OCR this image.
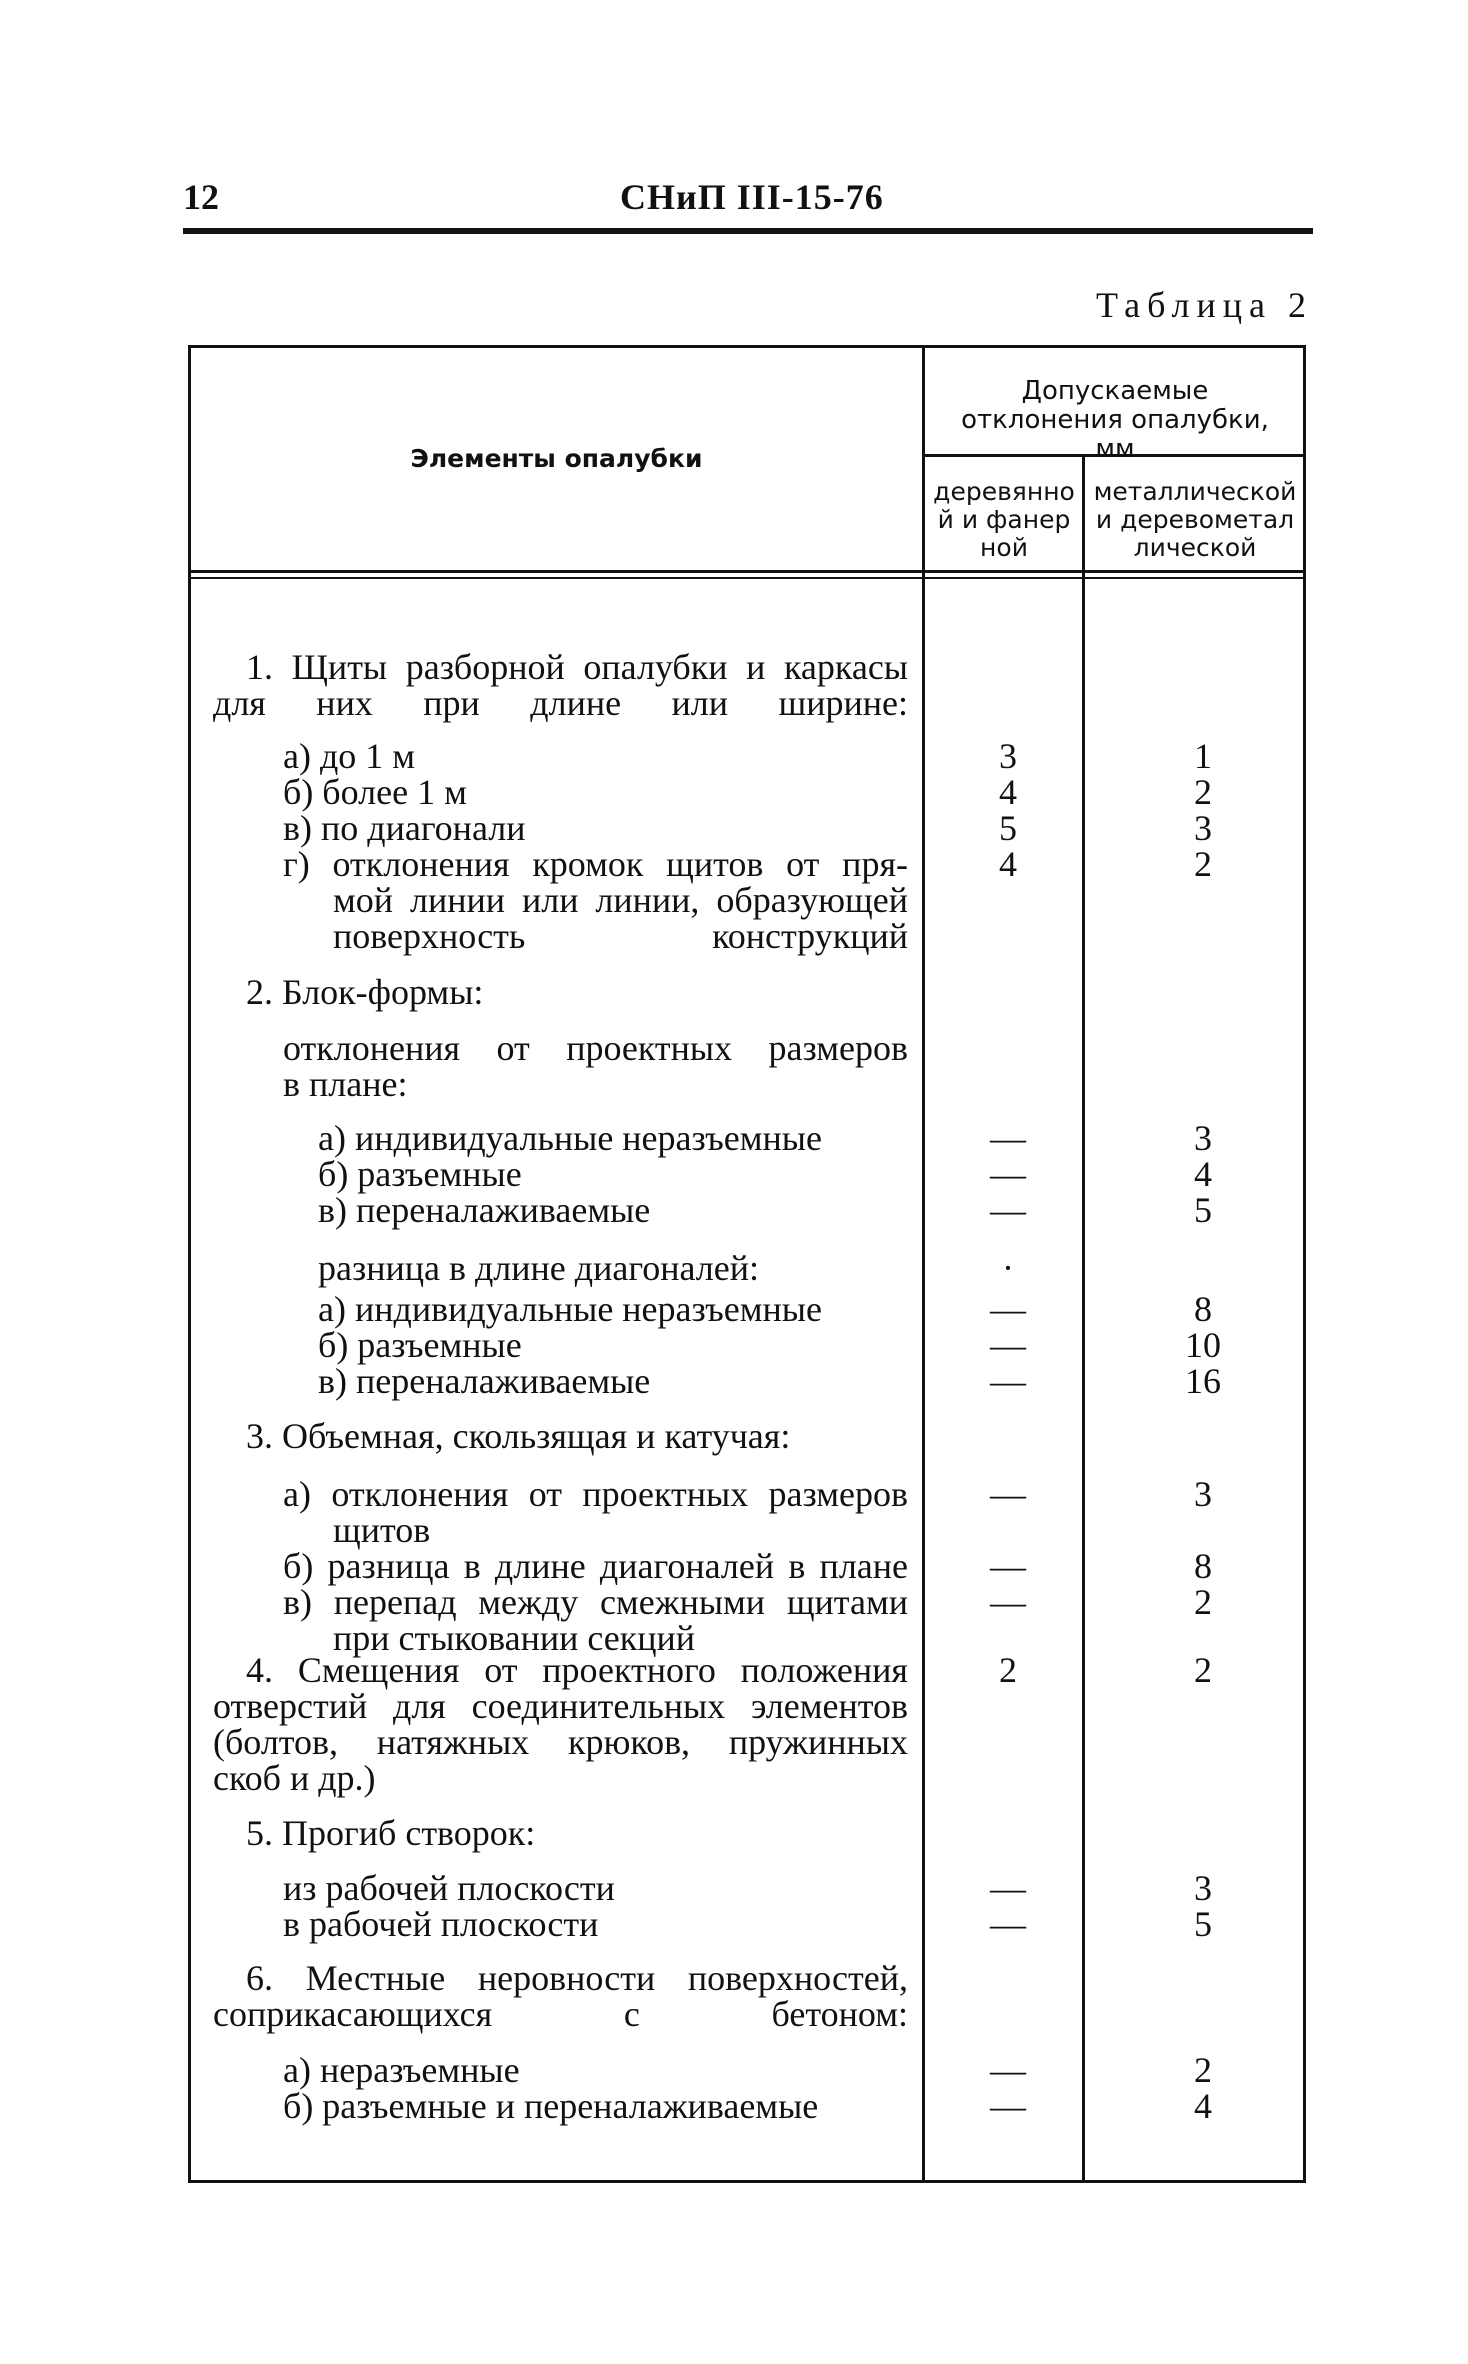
12	СНиП III-15-76
Таблица 2
Элементы опалубки
Допускаемые отклонения опалубки, мм
деревянной и фанерной
металлической и деревометаллической
1. Щиты разборной опалубки и каркасы
для них при длине или ширине:
а) до 1 м	3	1
б) более 1 м	4	2
в) по диагонали	5	3
г) отклонения кромок щитов от пря-	4	2
мой линии или линии, образующей
поверхность конструкций
2. Блок-формы:
отклонения от проектных размеров
в плане:
а) индивидуальные неразъемные	—	3
б) разъемные	—	4
в) переналаживаемые	—	5
разница в длине диагоналей:	·
а) индивидуальные неразъемные	—	8
б) разъемные	—	10
в) переналаживаемые	—	16
3. Объемная, скользящая и катучая:
а) отклонения от проектных размеров	—	3
щитов
б) разница в длине диагоналей в плане	—	8
в) перепад между смежными щитами	—	2
при стыковании секций
4. Смещения от проектного положения	2	2
отверстий для соединительных элементов
(болтов, натяжных крюков, пружинных
скоб и др.)
5. Прогиб створок:
из рабочей плоскости	—	3
в рабочей плоскости	—	5
6. Местные неровности поверхностей,
соприкасающихся с бетоном:
а) неразъемные	—	2
б) разъемные и переналаживаемые	—	4
